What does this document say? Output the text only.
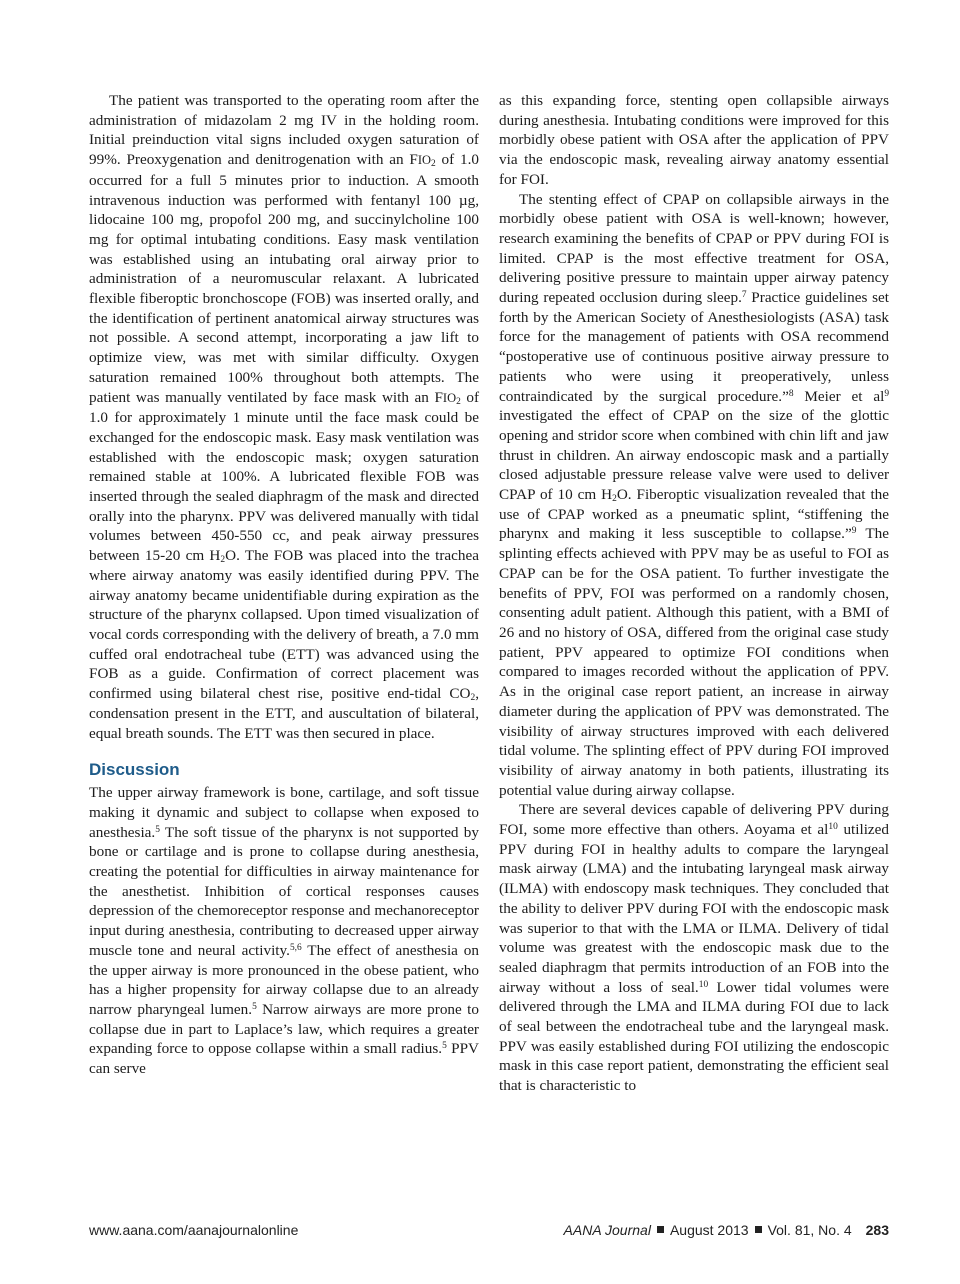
The patient was transported to the operating room after the administration of midazolam 2 mg IV in the holding room. Initial preinduction vital signs included oxygen saturation of 99%. Preoxygenation and denitrogenation with an $FIO_2$ of 1.0 occurred for a full 5 minutes prior to induction. A smooth intravenous induction was performed with fentanyl 100 µg, lidocaine 100 mg, propofol 200 mg, and succinylcholine 100 mg for optimal intubating conditions. Easy mask ventilation was established using an intubating oral airway prior to administration of a neuromuscular relaxant. A lubricated flexible fiberoptic bronchoscope (FOB) was inserted orally, and the identification of pertinent anatomical airway structures was not possible. A second attempt, incorporating a jaw lift to optimize view, was met with similar difficulty. Oxygen saturation remained 100% throughout both attempts. The patient was manually ventilated by face mask with an $FIO_2$ of 1.0 for approximately 1 minute until the face mask could be exchanged for the endoscopic mask. Easy mask ventilation was established with the endoscopic mask; oxygen saturation remained stable at 100%. A lubricated flexible FOB was inserted through the sealed diaphragm of the mask and directed orally into the pharynx. PPV was delivered manually with tidal volumes between 450-550 cc, and peak airway pressures between 15-20 cm $H_2O$. The FOB was placed into the trachea where airway anatomy was easily identified during PPV. The airway anatomy became unidentifiable during expiration as the structure of the pharynx collapsed. Upon timed visualization of vocal cords corresponding with the delivery of breath, a 7.0 mm cuffed oral endotracheal tube (ETT) was advanced using the FOB as a guide. Confirmation of correct placement was confirmed using bilateral chest rise, positive end-tidal $CO_2$, condensation present in the ETT, and auscultation of bilateral, equal breath sounds. The ETT was then secured in place.

Discussion

The upper airway framework is bone, cartilage, and soft tissue making it dynamic and subject to collapse when exposed to anesthesia.$^5$ The soft tissue of the pharynx is not supported by bone or cartilage and is prone to collapse during anesthesia, creating the potential for difficulties in airway maintenance for the anesthetist. Inhibition of cortical responses causes depression of the chemoreceptor response and mechanoreceptor input during anesthesia, contributing to decreased upper airway muscle tone and neural activity.$^{5,6}$ The effect of anesthesia on the upper airway is more pronounced in the obese patient, who has a higher propensity for airway collapse due to an already narrow pharyngeal lumen.$^5$ Narrow airways are more prone to collapse due in part to Laplace’s law, which requires a greater expanding force to oppose collapse within a small radius.$^5$ PPV can serve

as this expanding force, stenting open collapsible airways during anesthesia. Intubating conditions were improved for this morbidly obese patient with OSA after the application of PPV via the endoscopic mask, revealing airway anatomy essential for FOI.

The stenting effect of CPAP on collapsible airways in the morbidly obese patient with OSA is well-known; however, research examining the benefits of CPAP or PPV during FOI is limited. CPAP is the most effective treatment for OSA, delivering positive pressure to maintain upper airway patency during repeated occlusion during sleep.$^7$ Practice guidelines set forth by the American Society of Anesthesiologists (ASA) task force for the management of patients with OSA recommend “postoperative use of continuous positive airway pressure to patients who were using it preoperatively, unless contraindicated by the surgical procedure.”$^8$ Meier et $al^9$ investigated the effect of CPAP on the size of the glottic opening and stridor score when combined with chin lift and jaw thrust in children. An airway endoscopic mask and a partially closed adjustable pressure release valve were used to deliver CPAP of 10 cm $H_2O$. Fiberoptic visualization revealed that the use of CPAP worked as a pneumatic splint, “stiffening the pharynx and making it less susceptible to collapse.”$^9$ The splinting effects achieved with PPV may be as useful to FOI as CPAP can be for the OSA patient. To further investigate the benefits of PPV, FOI was performed on a randomly chosen, consenting adult patient. Although this patient, with a BMI of 26 and no history of OSA, differed from the original case study patient, PPV appeared to optimize FOI conditions when compared to images recorded without the application of PPV. As in the original case report patient, an increase in airway diameter during the application of PPV was demonstrated. The visibility of airway structures improved with each delivered tidal volume. The splinting effect of PPV during FOI improved visibility of airway anatomy in both patients, illustrating its potential value during airway collapse.

There are several devices capable of delivering PPV during FOI, some more effective than others. Aoyama et $al^{10}$ utilized PPV during FOI in healthy adults to compare the laryngeal mask airway (LMA) and the intubating laryngeal mask airway (ILMA) with endoscopy mask techniques. They concluded that the ability to deliver PPV during FOI with the endoscopic mask was superior to that with the LMA or ILMA. Delivery of tidal volume was greatest with the endoscopic mask due to the sealed diaphragm that permits introduction of an FOB into the airway without a loss of seal.$^{10}$ Lower tidal volumes were delivered through the LMA and ILMA during FOI due to lack of seal between the endotracheal tube and the laryngeal mask. PPV was easily established during FOI utilizing the endoscopic mask in this case report patient, demonstrating the efficient seal that is characteristic to

www.aana.com/aanajournalonline	AANA Journal August 2013 Vol. 81, No. 4 283
